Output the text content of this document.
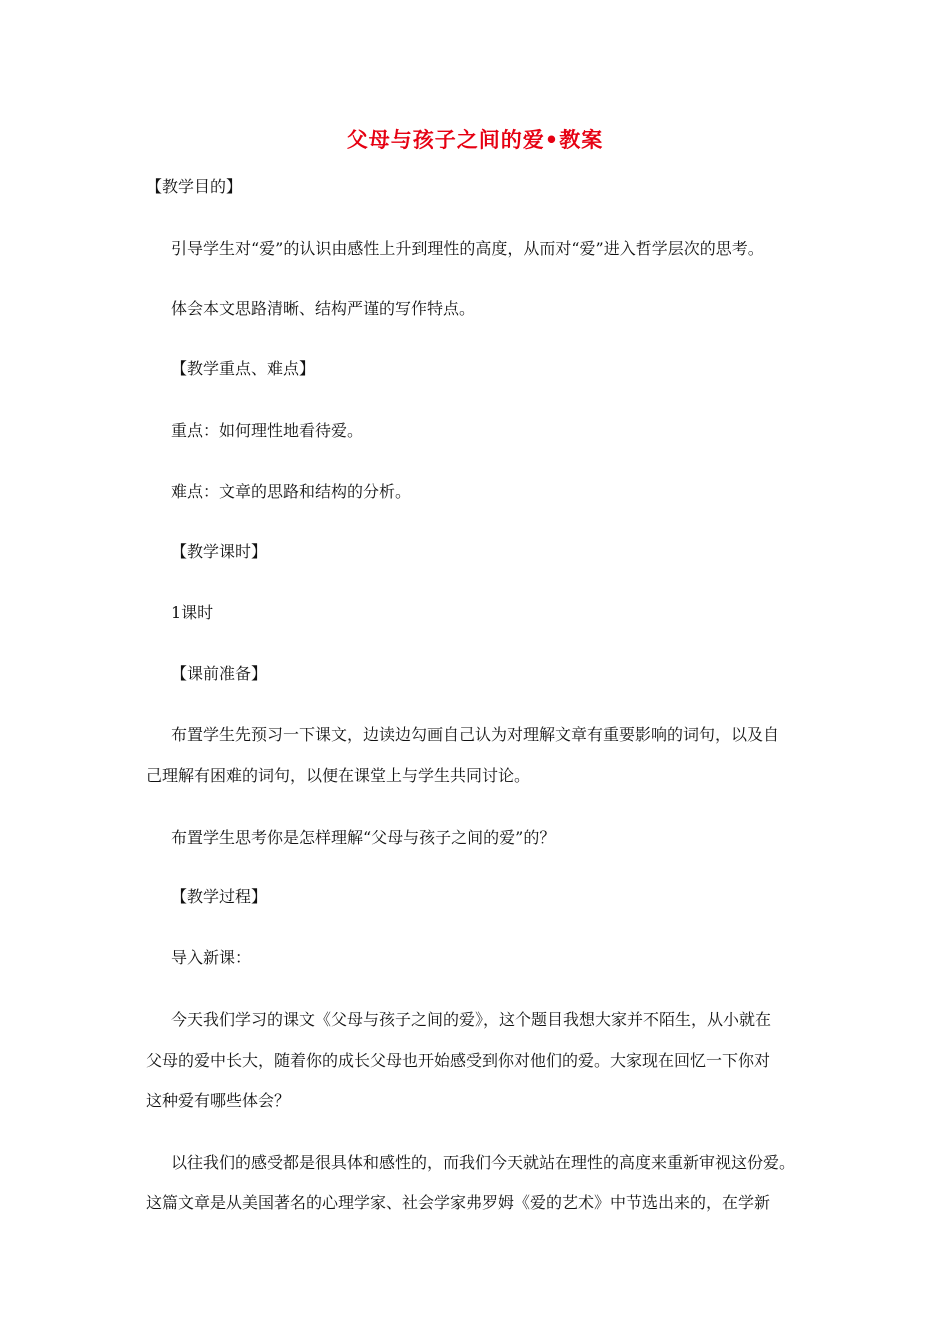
父母与孩子之间的爱•教案
【教学目的】
引导学生对“爱”的认识由感性上升到理性的高度，从而对“爱”进入哲学层次的思考。
体会本文思路清晰、结构严谨的写作特点。
【教学重点、难点】
重点：如何理性地看待爱。
难点：文章的思路和结构的分析。
【教学课时】
1课时
【课前准备】
布置学生先预习一下课文，边读边勾画自己认为对理解文章有重要影响的词句，以及自
己理解有困难的词句，以便在课堂上与学生共同讨论。
布置学生思考你是怎样理解“父母与孩子之间的爱”的？
【教学过程】
导入新课：
今天我们学习的课文《父母与孩子之间的爱》，这个题目我想大家并不陌生，从小就在
父母的爱中长大，随着你的成长父母也开始感受到你对他们的爱。大家现在回忆一下你对
这种爱有哪些体会？
以往我们的感受都是很具体和感性的，而我们今天就站在理性的高度来重新审视这份爱。
这篇文章是从美国著名的心理学家、社会学家弗罗姆《爱的艺术》中节选出来的，在学新
